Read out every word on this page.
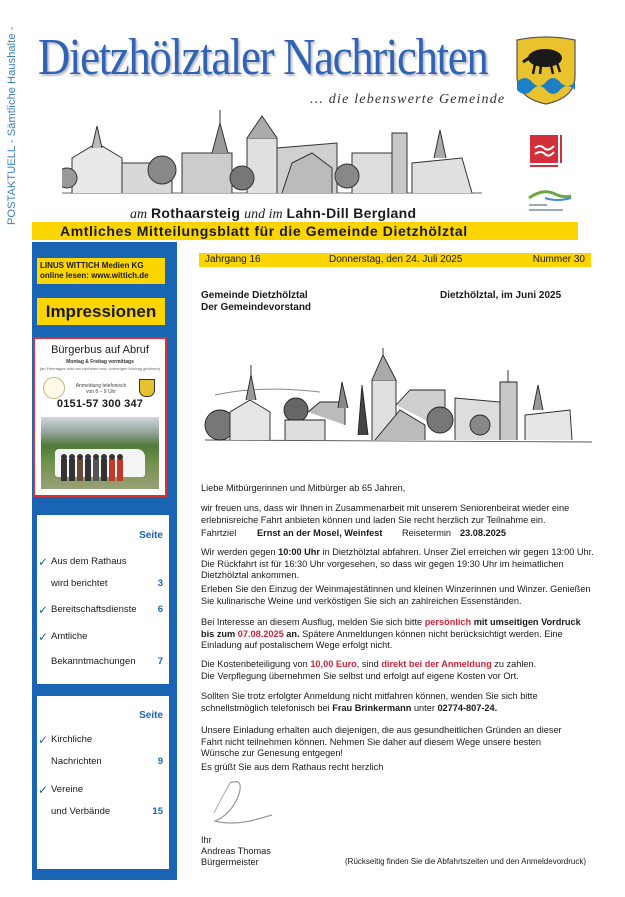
POSTAKTUELL - Sämtliche Haushalte - Dietzhölztaler Nachrichten
... die lebenswerte Gemeinde
am Rothaarsteig und im Lahn-Dill Bergland
Amtliches Mitteilungsblatt für die Gemeinde Dietzhölztal
LINUS WITTICH Medien KG
online lesen: www.wittich.de
Impressionen
Bürgerbus auf Abruf
Montag & Freitag vormittags
(an Feiertagen wird am nächsten bzw. vorherigen Montag gefahren)
Anmeldung telefonisch von 8 – 9 Uhr
0151-57 300 347
Seite
✓ Aus dem Rathaus
wird berichtet	3
✓ Bereitschaftsdienste 6
✓ Amtliche
Bekanntmachungen 7
Seite
✓ Kirchliche
Nachrichten	9
✓ Vereine
und Verbände	15
Jahrgang 16	Donnerstag, den 24. Juli 2025	Nummer 30
Gemeinde Dietzhölztal
Der Gemeindevorstand
Dietzhölztal, im Juni 2025
Liebe Mitbürgerinnen und Mitbürger ab 65 Jahren,
wir freuen uns, dass wir Ihnen in Zusammenarbeit mit unserem Seniorenbeirat wieder eine erlebnisreiche Fahrt anbieten können und laden Sie recht herzlich zur Teilnahme ein.
Fahrtziel Ernst an der Mosel, Weinfest Reisetermin 23.08.2025
Wir werden gegen 10:00 Uhr in Dietzhölztal abfahren. Unser Ziel erreichen wir gegen 13:00 Uhr. Die Rückfahrt ist für 16:30 Uhr vorgesehen, so dass wir gegen 19:30 Uhr im heimatlichen Dietzhölztal ankommen.
Erleben Sie den Einzug der Weinmajestätinnen und kleinen Winzerinnen und Winzer. Genießen Sie kulinarische Weine und verköstigen Sie sich an zahlreichen Essenständen.
Bei Interesse an diesem Ausflug, melden Sie sich bitte persönlich mit umseitigen Vordruck bis zum 07.08.2025 an. Spätere Anmeldungen können nicht berücksichtigt werden. Eine Einladung auf postalischem Wege erfolgt nicht.
Die Kostenbeteiligung von 10,00 Euro, sind direkt bei der Anmeldung zu zahlen.
Die Verpflegung übernehmen Sie selbst und erfolgt auf eigene Kosten vor Ort.
Sollten Sie trotz erfolgter Anmeldung nicht mitfahren können, wenden Sie sich bitte schnellstmöglich telefonisch bei Frau Brinkermann unter 02774-807-24.
Unsere Einladung erhalten auch diejenigen, die aus gesundheitlichen Gründen an dieser Fahrt nicht teilnehmen können. Nehmen Sie daher auf diesem Wege unsere besten Wünsche zur Genesung entgegen!
Es grüßt Sie aus dem Rathaus recht herzlich
Ihr
Andreas Thomas
Bürgermeister	(Rückseitig finden Sie die Abfahrtszeiten und den Anmeldevordruck)
